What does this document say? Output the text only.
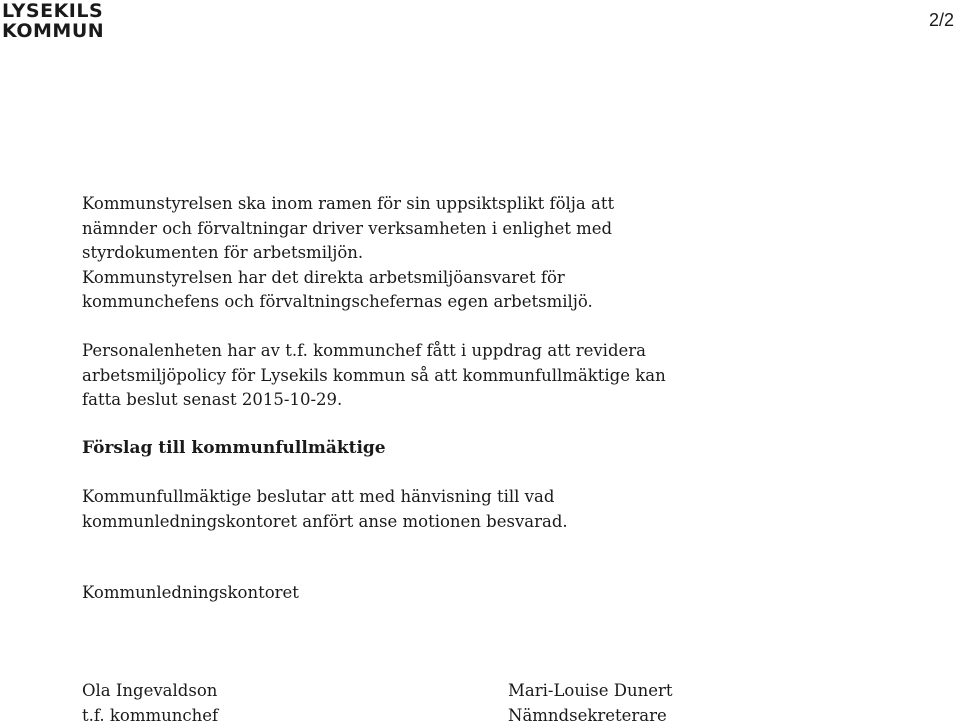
LYSEKILS
KOMMUN	2/2
Kommunstyrelsen ska inom ramen för sin uppsiktsplikt följa att
nämnder och förvaltningar driver verksamheten i enlighet med
styrdokumenten för arbetsmiljön.
Kommunstyrelsen har det direkta arbetsmiljöansvaret för
kommunchefens och förvaltningschefernas egen arbetsmiljö.
Personalenheten har av t.f. kommunchef fått i uppdrag att revidera
arbetsmiljöpolicy för Lysekils kommun så att kommunfullmäktige kan
fatta beslut senast 2015-10-29.
Förslag till kommunfullmäktige
Kommunfullmäktige beslutar att med hänvisning till vad
kommunledningskontoret anfört anse motionen besvarad.
Kommunledningskontoret
Ola Ingevaldson
t.f. kommunchef
Mari-Louise Dunert
Nämndsekreterare
